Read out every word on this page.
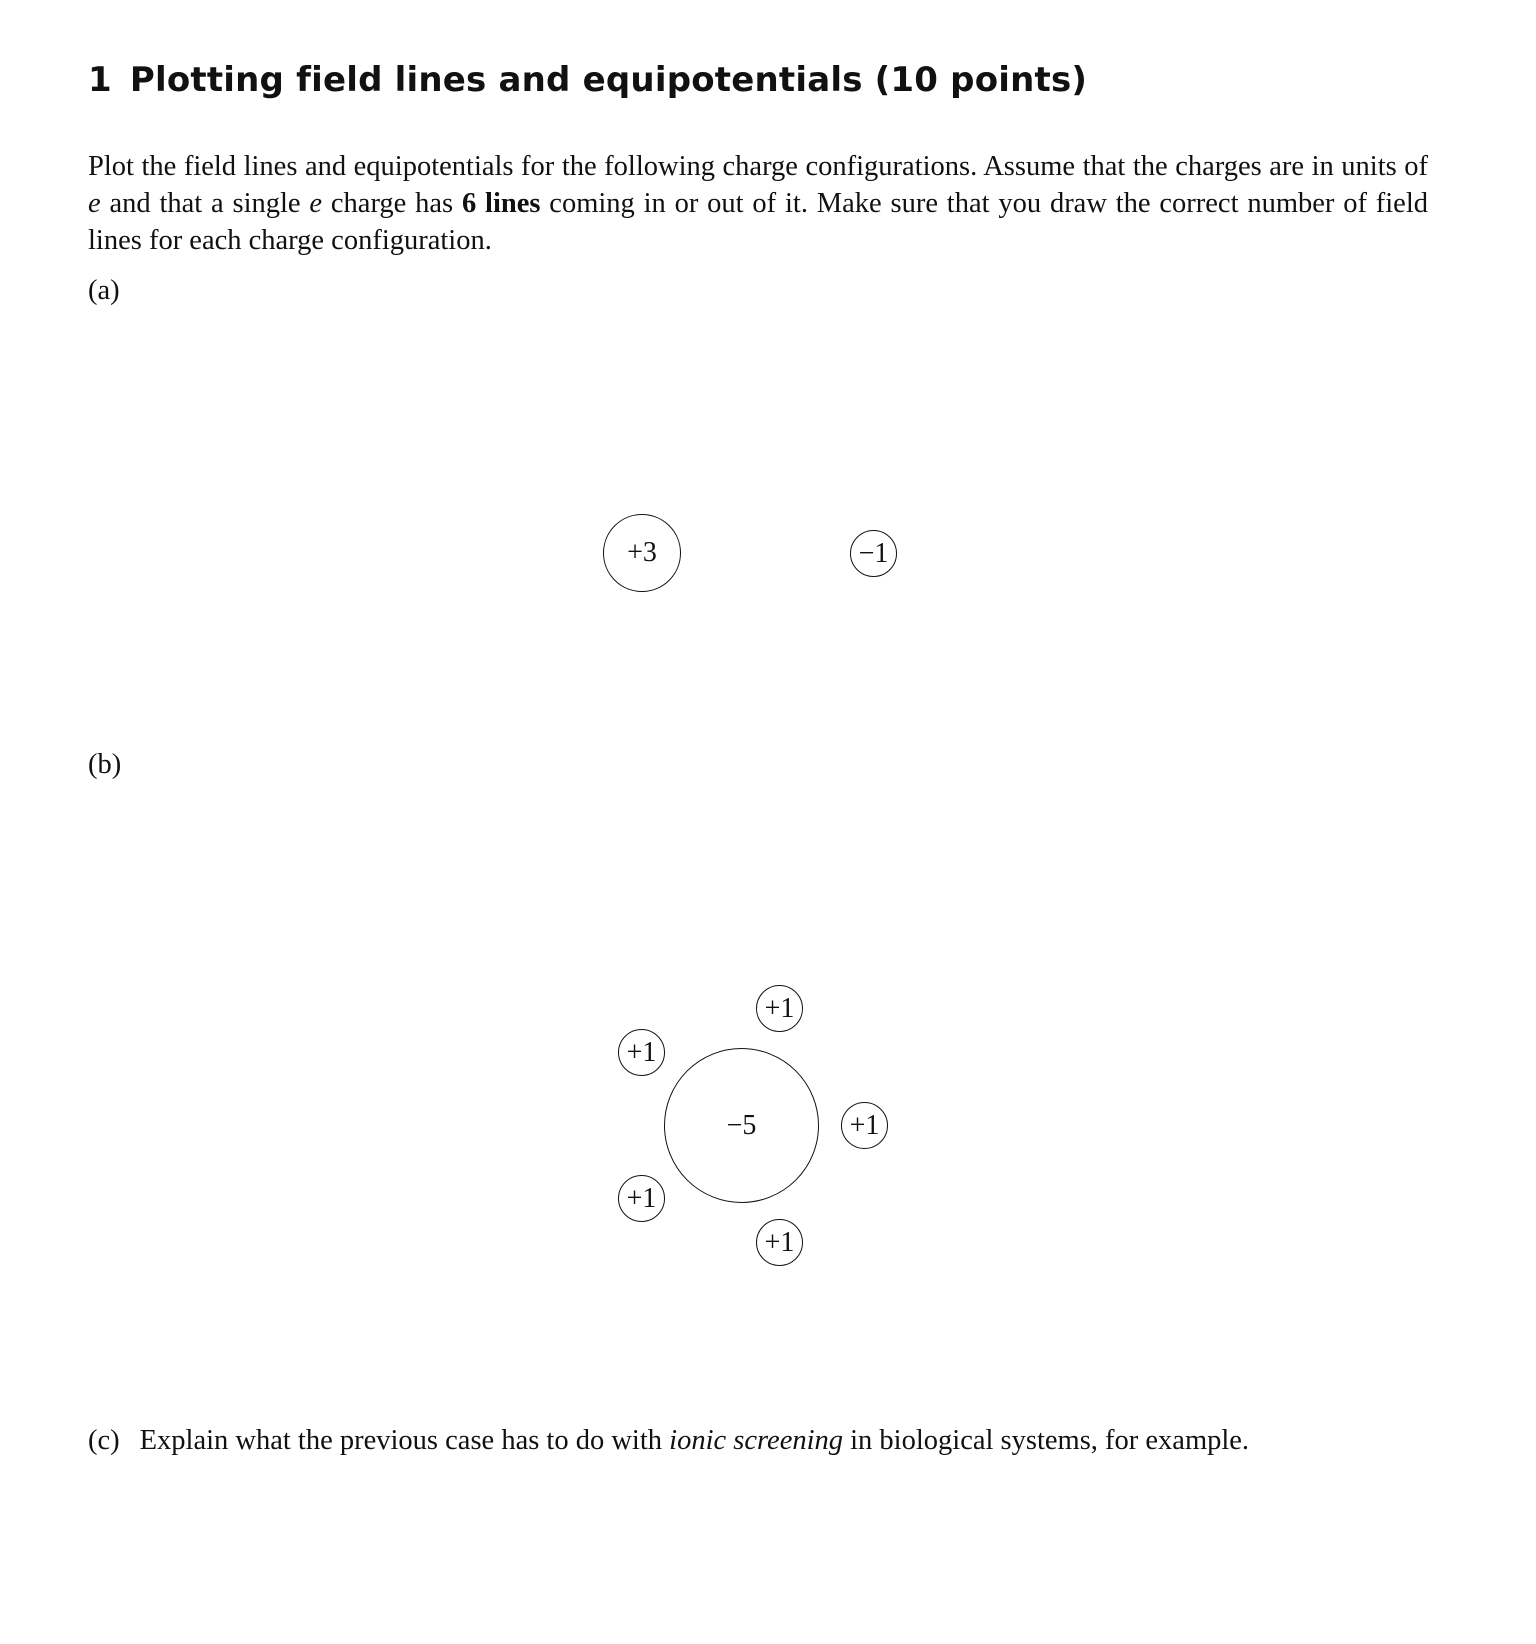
1 Plotting field lines and equipotentials (10 points)

Plot the field lines and equipotentials for the following charge configurations. Assume that the charges are in units of e and that a single e charge has 6 lines coming in or out of it. Make sure that you draw the correct number of field lines for each charge configuration.

(a)

+3	−1

(b)

−5
+1
+1
+1
+1
+1

(c) Explain what the previous case has to do with ionic screening in biological systems, for example.
